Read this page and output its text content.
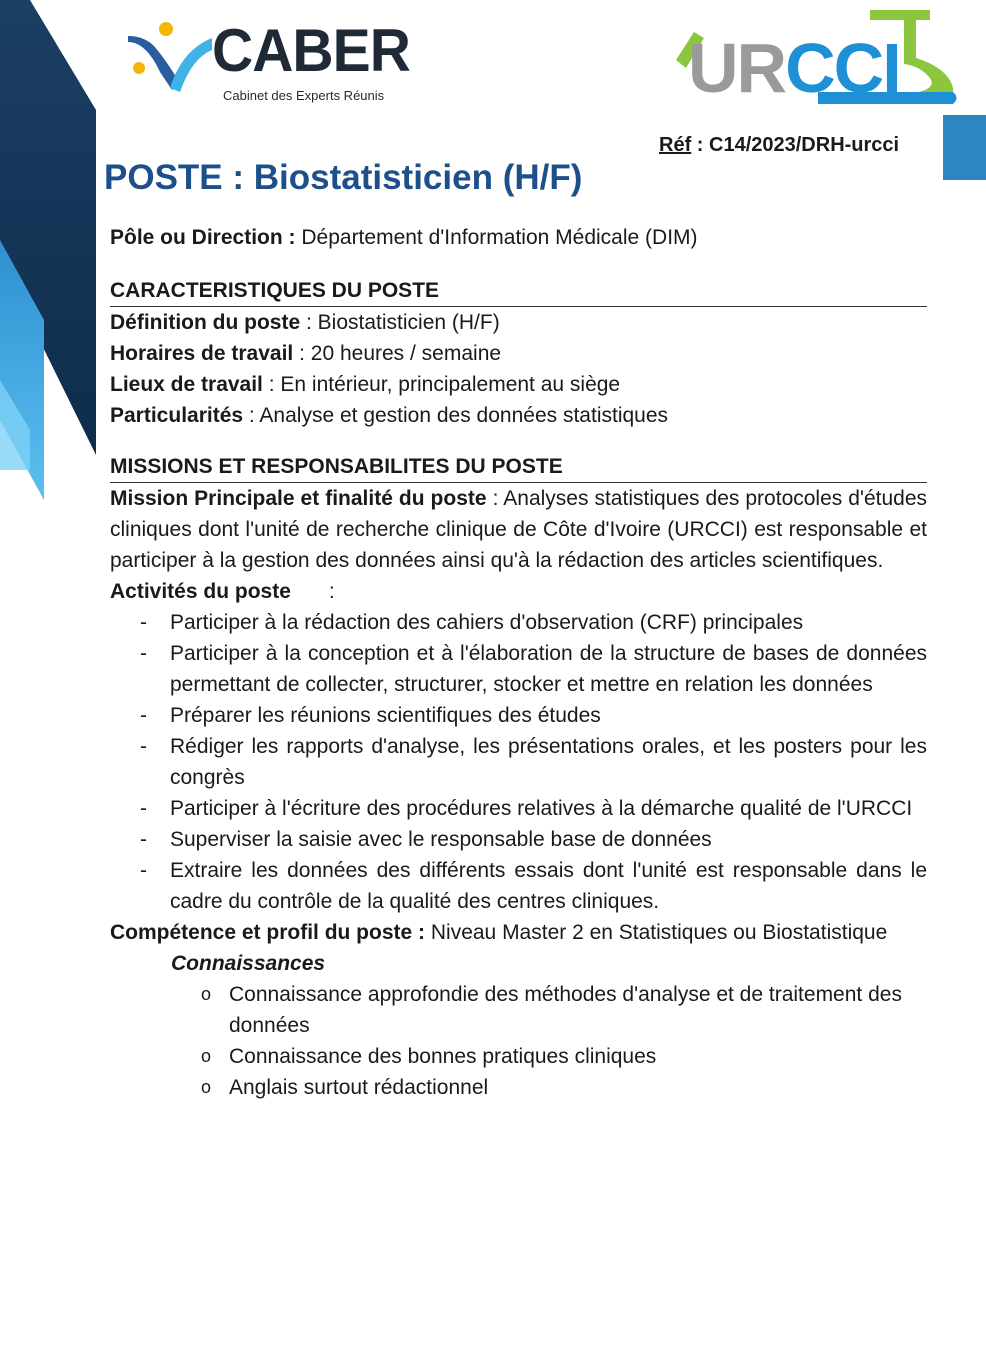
CABER
Cabinet des Experts Réunis	URCCI
Réf : C14/2023/DRH-urcci
POSTE : Biostatisticien (H/F)

Pôle ou Direction : Département d'Information Médicale (DIM)

CARACTERISTIQUES DU POSTE

Définition du poste : Biostatisticien (H/F)

Horaires de travail : 20 heures / semaine

Lieux de travail : En intérieur, principalement au siège

Particularités : Analyse et gestion des données statistiques

MISSIONS ET RESPONSABILITES DU POSTE

Mission Principale et finalité du poste : Analyses statistiques des protocoles d'études cliniques dont l'unité de recherche clinique de Côte d'Ivoire (URCCI) est responsable et participer à la gestion des données ainsi qu'à la rédaction des articles scientifiques.

Activités du poste :

- Participer à la rédaction des cahiers d'observation (CRF) principales
- Participer à la conception et à l'élaboration de la structure de bases de données permettant de collecter, structurer, stocker et mettre en relation les données
- Préparer les réunions scientifiques des études
- Rédiger les rapports d'analyse, les présentations orales, et les posters pour les congrès
- Participer à l'écriture des procédures relatives à la démarche qualité de l'URCCI
- Superviser la saisie avec le responsable base de données
- Extraire les données des différents essais dont l'unité est responsable dans le cadre du contrôle de la qualité des centres cliniques.

Compétence et profil du poste : Niveau Master 2 en Statistiques ou Biostatistique

Connaissances

o Connaissance approfondie des méthodes d'analyse et de traitement des données
o Connaissance des bonnes pratiques cliniques
o Anglais surtout rédactionnel
